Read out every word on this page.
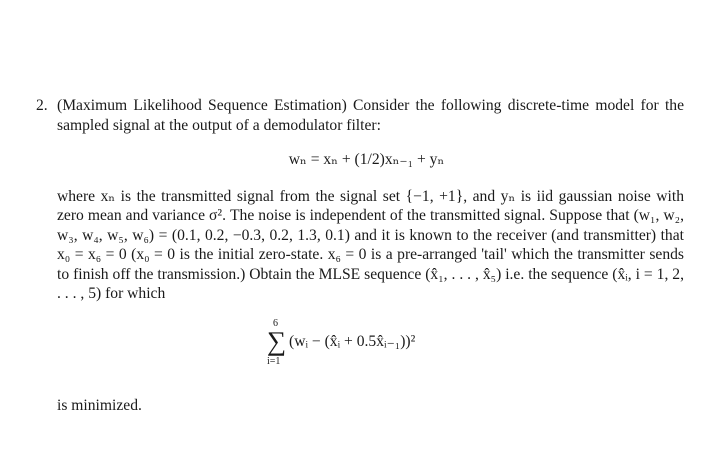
2. (Maximum Likelihood Sequence Estimation) Consider the following discrete-time model for the sampled signal at the output of a demodulator filter:
wₙ = xₙ + (1/2)xₙ₋₁ + yₙ
where xₙ is the transmitted signal from the signal set {−1, +1}, and yₙ is iid gaussian noise with zero mean and variance σ². The noise is independent of the transmitted signal. Suppose that (w₁, w₂, w₃, w₄, w₅, w₆) = (0.1, 0.2, −0.3, 0.2, 1.3, 0.1) and it is known to the receiver (and transmitter) that x₀ = x₆ = 0 (x₀ = 0 is the initial zero-state. x₆ = 0 is a pre-arranged 'tail' which the transmitter sends to finish off the transmission.) Obtain the MLSE sequence (x̂₁, . . . , x̂₅) i.e. the sequence (x̂ᵢ, i = 1, 2, . . . , 5) for which
6
∑
i=1
(wᵢ − (x̂ᵢ + 0.5x̂ᵢ₋₁))²
is minimized.
